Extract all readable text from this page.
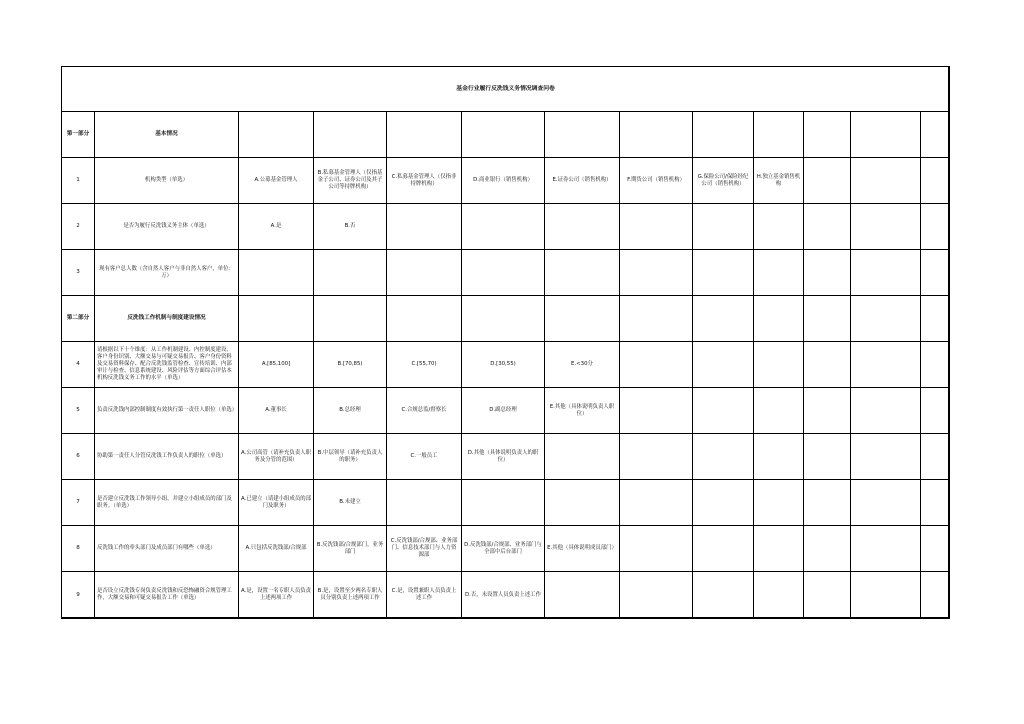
基金行业履行反洗钱义务情况调查问卷												
第一部分	基本情况											
1	机构类型（单选）	A.公募基金管理人	B.私募基金管理人（仅指基金子公司、证券公司及其子公司等持牌机构）	C.私募基金管理人（仅指非持牌机构）	D.商业银行（销售机构）	E.证券公司（销售机构）	F.期货公司（销售机构）	G.保险公司/保险经纪公司（销售机构）	H.独立基金销售机构			
2	是否为履行反洗钱义务主体（单选）	A.是	B.否									
3	现有客户总人数（含自然人客户与非自然人客户，单位：万）											
第二部分	反洗钱工作机制与制度建设情况											
4	请根据以下十个维度：从工作机制建设、内控制度建设、客户身份识别、大额交易与可疑交易报告、客户身份资料及交易资料保存、配合反洗钱监管检查、宣传培训、内部审计与检查、信息系统建设、风险评估等方面综合评估本机构反洗钱义务工作的水平（单选）	A.[85,100]	B.[70,85)	C.[55,70)	D.[30,55)	E.<30分						
5	负责反洗钱内部控制制度有效执行第一责任人职位（单选）	A.董事长	B.总经理	C.合规总监/督察长	D.副总经理	E.其他（具体说明负责人职位）						
6	协助第一责任人分管反洗钱工作负责人的职位（单选）	A.公司高管（请补充负责人职务及分管的范围）	B.中层领导（请补充负责人的职务）	C.一般员工	D.其他（具体说明负责人的职位）							
7	是否建立反洗钱工作领导小组，并建立小组成员的部门及职务。（单选）	A.已建立（请建小组成员的部门及职务）	B.未建立									
8	反洗钱工作的牵头部门及成员部门有哪些（单选）	A.只包括反洗钱部/合规部	B.反洗钱部/合规部门，业务部门	C.反洗钱部/合规部、业务部门、信息技术部门与人力资源部	D.反洗钱部/合规部、业务部门与全部中后台部门	E.其他（具体说明成员部门）						
9	是否设立反洗钱专岗负责反洗钱和反恐怖融资合规管理工作，大额交易和可疑交易报告工作（单选）	A.是，设置一名专职人员负责上述两项工作	B.是，设置至少两名专职人员分别负责上述两项工作	C.是，设置兼职人员负责上述工作	D.否，未设置人员负责上述工作							
